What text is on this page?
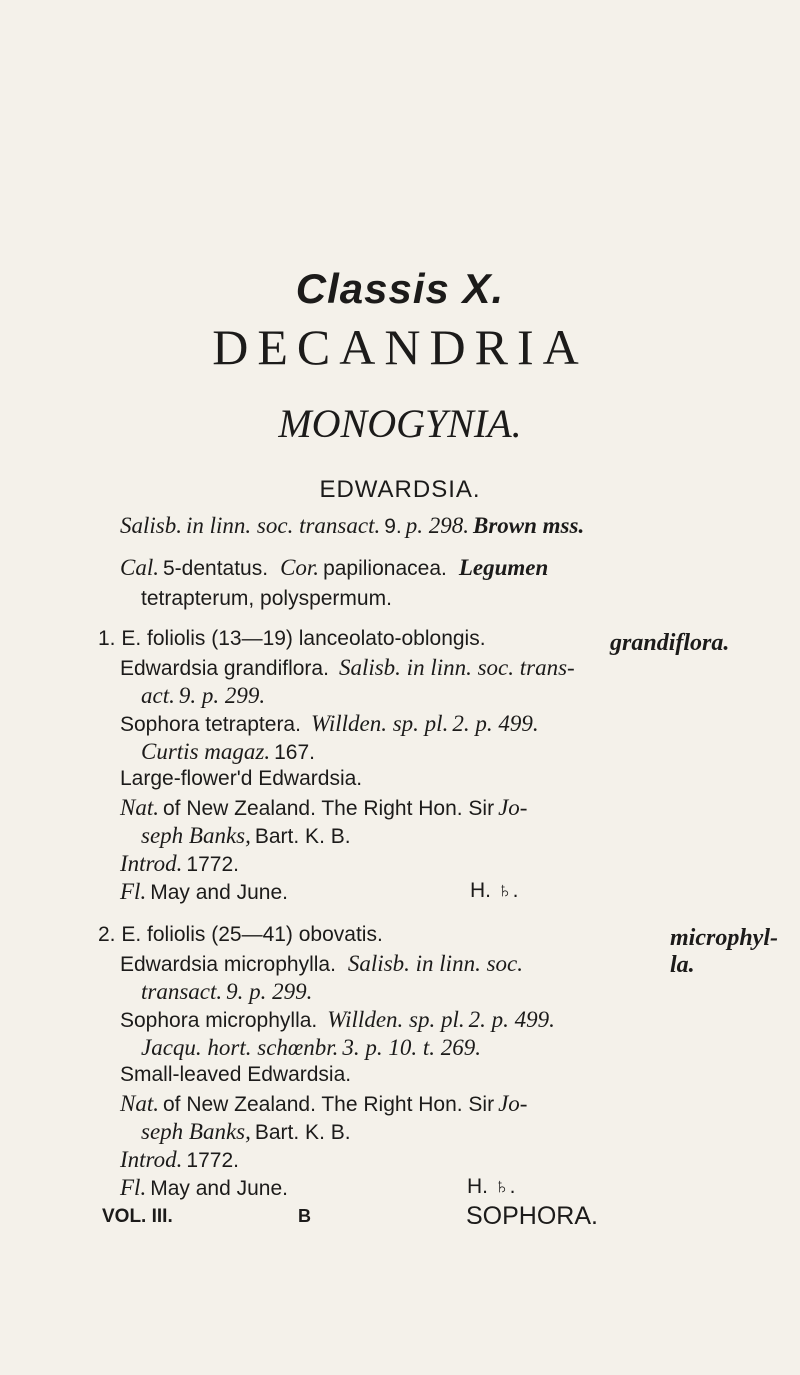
Classis X.
DECANDRIA
MONOGYNIA.
EDWARDSIA.
Salisb. in linn. soc. transact. 9. p. 298. Brown mss.
Cal. 5-dentatus. Cor. papilionacea. Legumen
tetrapterum, polyspermum.
1. E. foliolis (13—19) lanceolato-oblongis.	grandiflora.
Edwardsia grandiflora. Salisb. in linn. soc. trans-
act. 9. p. 299.
Sophora tetraptera. Willden. sp. pl. 2. p. 499.
Curtis magaz. 167.
Large-flower'd Edwardsia.
Nat. of New Zealand. The Right Hon. Sir Jo-
seph Banks, Bart. K. B.
Introd. 1772.
Fl. May and June.	H. ♄.
2. E. foliolis (25—41) obovatis.	microphyl-
la.
Edwardsia microphylla. Salisb. in linn. soc.
transact. 9. p. 299.
Sophora microphylla. Willden. sp. pl. 2. p. 499.
Jacqu. hort. schœnbr. 3. p. 10. t. 269.
Small-leaved Edwardsia.
Nat. of New Zealand. The Right Hon. Sir Jo-
seph Banks, Bart. K. B.
Introd. 1772.
Fl. May and June.	H. ♄.
VOL. III.	B	SOPHORA.
